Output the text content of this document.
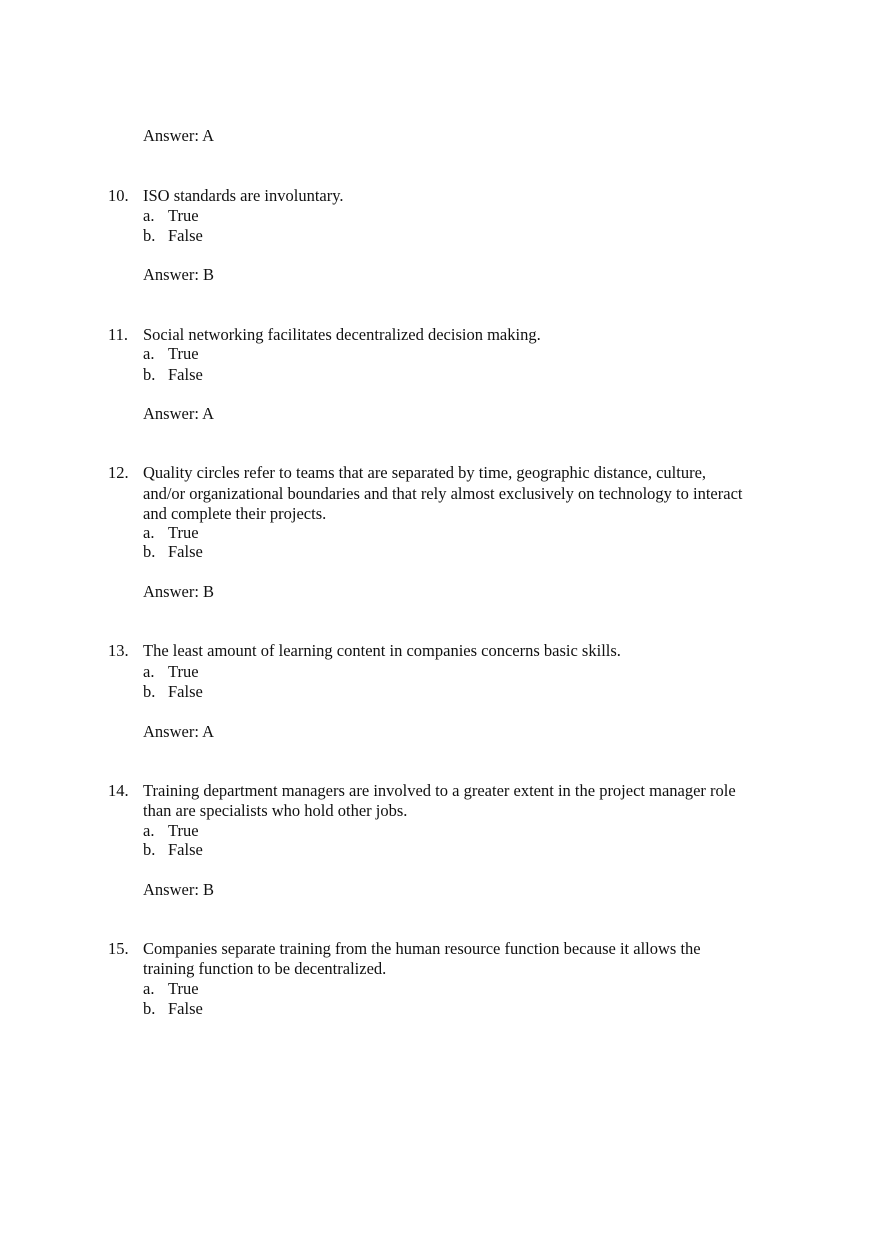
Answer: A
10. ISO standards are involuntary.
a. True
b. False
Answer: B
11. Social networking facilitates decentralized decision making.
a. True
b. False
Answer: A
12. Quality circles refer to teams that are separated by time, geographic distance, culture,
and/or organizational boundaries and that rely almost exclusively on technology to interact
and complete their projects.
a. True
b. False
Answer: B
13. The least amount of learning content in companies concerns basic skills.
a. True
b. False
Answer: A
14. Training department managers are involved to a greater extent in the project manager role
than are specialists who hold other jobs.
a. True
b. False
Answer: B
15. Companies separate training from the human resource function because it allows the
training function to be decentralized.
a. True
b. False
